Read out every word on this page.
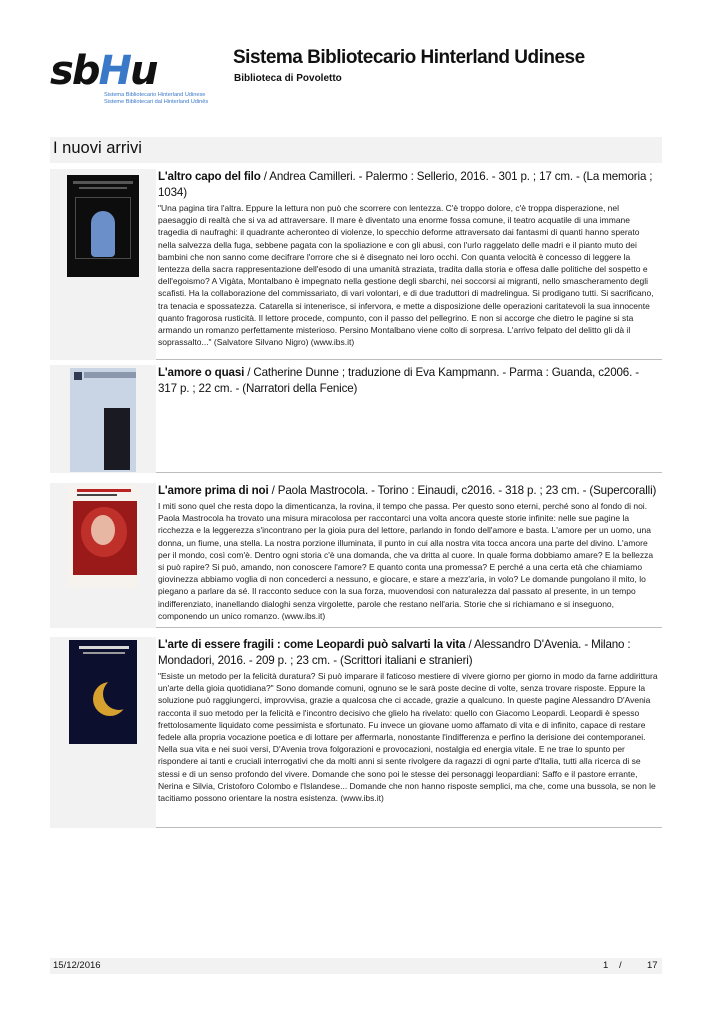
sbHu
Sistema Bibliotecario Hinterland Udinese
Sisteme Bibliotecari dal Hinterland Udinês
Sistema Bibliotecario Hinterland Udinese
Biblioteca di Povoletto
I nuovi arrivi
L'altro capo del filo / Andrea Camilleri. - Palermo : Sellerio, 2016. - 301 p. ; 17 cm. - (La memoria ; 1034)
"Una pagina tira l'altra. Eppure la lettura non può che scorrere con lentezza. C'è troppo dolore, c'è troppa disperazione, nel paesaggio di realtà che si va ad attraversare. Il mare è diventato una enorme fossa comune, il teatro acquatile di una immane tragedia di naufraghi: il quadrante acheronteo di violenze, lo specchio deforme attraversato dai fantasmi di quanti hanno sperato nella salvezza della fuga, sebbene pagata con la spoliazione e con gli abusi, con l'urlo raggelato delle madri e il pianto muto dei bambini che non sanno come decifrare l'orrore che si è disegnato nei loro occhi. Con quanta velocità è concesso di leggere la lentezza della sacra rappresentazione dell'esodo di una umanità straziata, tradita dalla storia e offesa dalle politiche del sospetto e dell'egoismo? A Vigàta, Montalbano è impegnato nella gestione degli sbarchi, nei soccorsi ai migranti, nello smascheramento degli scafisti. Ha la collaborazione del commissariato, di vari volontari, e di due traduttori di madrelingua. Si prodigano tutti. Si sacrificano, tra tenacia e spossatezza. Catarella si intenerisce, si infervora, e mette a disposizione delle operazioni caritatevoli la sua innocente quanto fragorosa rusticità. Il lettore procede, compunto, con il passo del pellegrino. E non si accorge che dietro le pagine si sta armando un romanzo perfettamente misterioso. Persino Montalbano viene colto di sorpresa. L'arrivo felpato del delitto gli dà il soprassalto..." (Salvatore Silvano Nigro) (www.ibs.it)
L'amore o quasi / Catherine Dunne ; traduzione di Eva Kampmann. - Parma : Guanda, c2006. - 317 p. ; 22 cm. - (Narratori della Fenice)
L'amore prima di noi / Paola Mastrocola. - Torino : Einaudi, c2016. - 318 p. ; 23 cm. - (Supercoralli)
I miti sono quel che resta dopo la dimenticanza, la rovina, il tempo che passa. Per questo sono eterni, perché sono al fondo di noi. Paola Mastrocola ha trovato una misura miracolosa per raccontarci una volta ancora queste storie infinite: nelle sue pagine la ricchezza e la leggerezza s'incontrano per la gioia pura del lettore, parlando in fondo dell'amore e basta. L'amore per un uomo, una donna, un fiume, una stella. La nostra porzione illuminata, il punto in cui alla nostra vita tocca ancora una parte del divino. L'amore per il mondo, così com'è. Dentro ogni storia c'è una domanda, che va dritta al cuore. In quale forma dobbiamo amare? E la bellezza si può rapire? Si può, amando, non conoscere l'amore? E quanto conta una promessa? E perché a una certa età che chiamiamo giovinezza abbiamo voglia di non concederci a nessuno, e giocare, e stare a mezz'aria, in volo? Le domande pungolano il mito, lo piegano a parlare da sé. Il racconto seduce con la sua forza, muovendosi con naturalezza dal passato al presente, in un tempo indifferenziato, inanellando dialoghi senza virgolette, parole che restano nell'aria. Storie che si richiamano e si inseguono, componendo un unico romanzo. (www.ibs.it)
L'arte di essere fragili : come Leopardi può salvarti la vita / Alessandro D'Avenia. - Milano : Mondadori, 2016. - 209 p. ; 23 cm. - (Scrittori italiani e stranieri)
"Esiste un metodo per la felicità duratura? Si può imparare il faticoso mestiere di vivere giorno per giorno in modo da farne addirittura un'arte della gioia quotidiana?" Sono domande comuni, ognuno se le sarà poste decine di volte, senza trovare risposte. Eppure la soluzione può raggiungerci, improvvisa, grazie a qualcosa che ci accade, grazie a qualcuno. In queste pagine Alessandro D'Avenia racconta il suo metodo per la felicità e l'incontro decisivo che glielo ha rivelato: quello con Giacomo Leopardi. Leopardi è spesso frettolosamente liquidato come pessimista e sfortunato. Fu invece un giovane uomo affamato di vita e di infinito, capace di restare fedele alla propria vocazione poetica e di lottare per affermarla, nonostante l'indifferenza e perfino la derisione dei contemporanei. Nella sua vita e nei suoi versi, D'Avenia trova folgorazioni e provocazioni, nostalgia ed energia vitale. E ne trae lo spunto per rispondere ai tanti e cruciali interrogativi che da molti anni si sente rivolgere da ragazzi di ogni parte d'Italia, tutti alla ricerca di se stessi e di un senso profondo del vivere. Domande che sono poi le stesse dei personaggi leopardiani: Saffo e il pastore errante, Nerina e Silvia, Cristoforo Colombo e l'Islandese... Domande che non hanno risposte semplici, ma che, come una bussola, se non le tacitiamo possono orientare la nostra esistenza. (www.ibs.it)
15/12/2016	1 /	17
